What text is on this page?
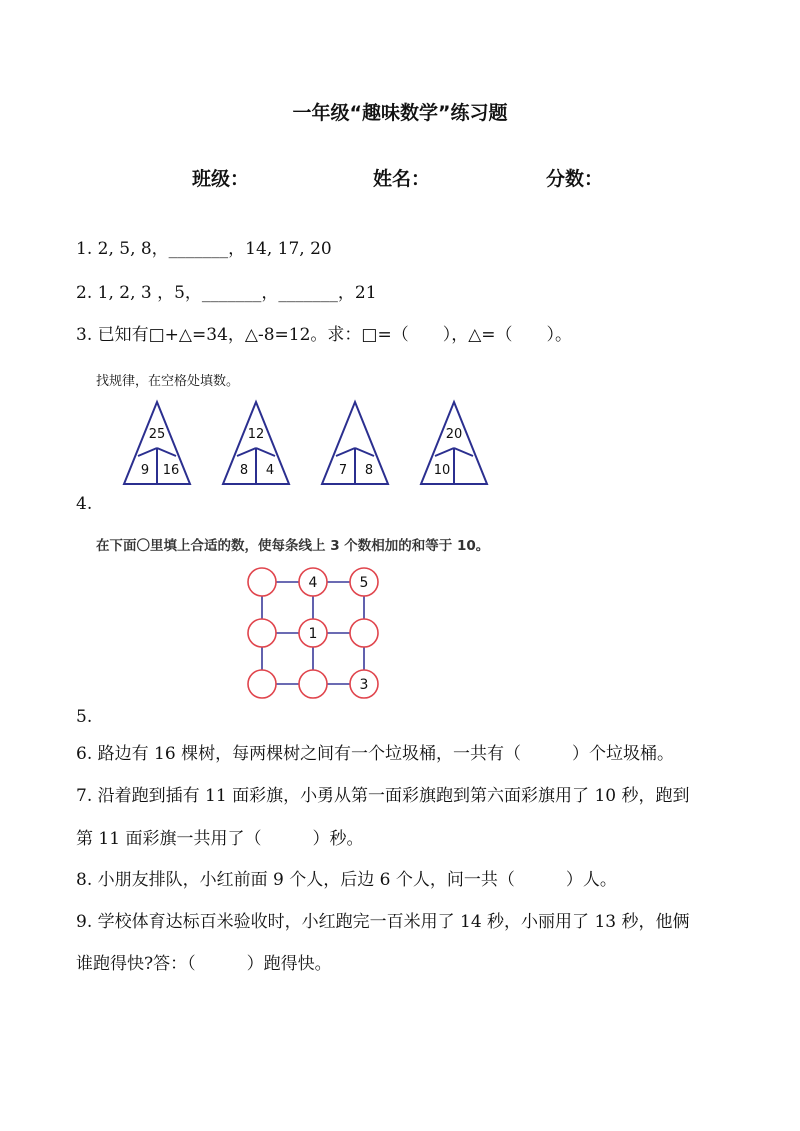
一年级“趣味数学”练习题
班级：	姓名：	分数：
1. 2, 5, 8，_______，14, 17, 20
2. 1, 2, 3 ，5，_______，_______，21
3. 已知有□+△=34，△-8=12。求：□=（　　），△=（　　）。
找规律，在空格处填数。
25
9 16
12
8 4	7 8
20
10
4.
在下面〇里填上合适的数，使每条线上 3 个数相加的和等于 10。
4	5
1
3
5.
6. 路边有 16 棵树，每两棵树之间有一个垃圾桶，一共有（　　　）个垃圾桶。
7. 沿着跑到插有 11 面彩旗，小勇从第一面彩旗跑到第六面彩旗用了 10 秒，跑到
第 11 面彩旗一共用了（　　　）秒。
8. 小朋友排队，小红前面 9 个人，后边 6 个人，问一共（　　　）人。
9. 学校体育达标百米验收时，小红跑完一百米用了 14 秒，小丽用了 13 秒，他俩
谁跑得快?答：（　　　）跑得快。
